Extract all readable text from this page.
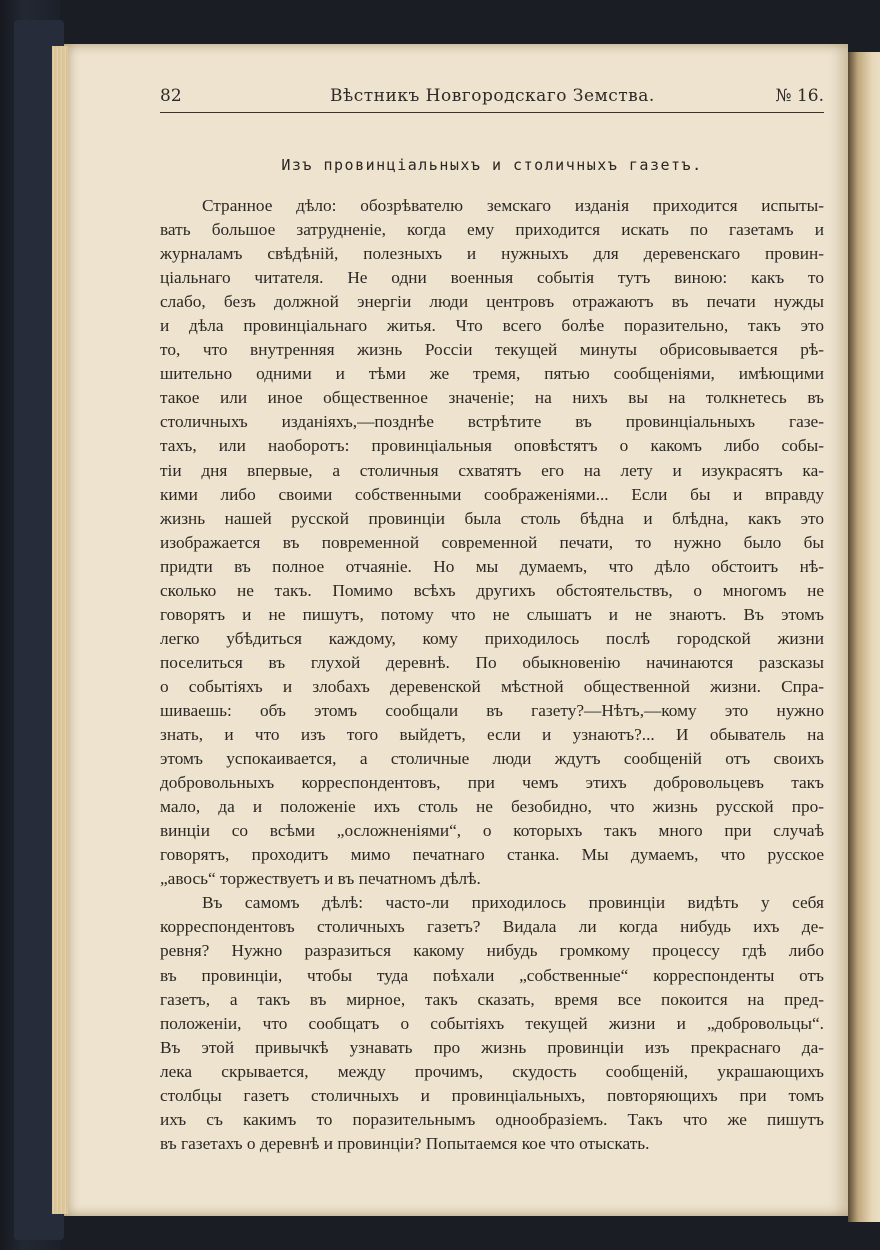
82	Вѣстникъ Новгородскаго Земства.	№ 16.
Изъ провинціальныхъ и столичныхъ газетъ.
Странное дѣло: обозрѣвателю земскаго изданія приходится испыты-
вать большое затрудненіе, когда ему приходится искать по газетамъ и
журналамъ свѣдѣній, полезныхъ и нужныхъ для деревенскаго провин-
ціальнаго читателя. Не одни военныя событія тутъ виною: какъ то
слабо, безъ должной энергіи люди центровъ отражаютъ въ печати нужды
и дѣла провинціальнаго житья. Что всего болѣе поразительно, такъ это
то, что внутренняя жизнь Россіи текущей минуты обрисовывается рѣ-
шительно одними и тѣми же тремя, пятью сообщеніями, имѣющими
такое или иное общественное значеніе; на нихъ вы на толкнетесь въ
столичныхъ изданіяхъ,—позднѣе встрѣтите въ провинціальныхъ газе-
тахъ, или наоборотъ: провинціальныя оповѣстятъ о какомъ либо собы-
тіи дня впервые, а столичныя схватятъ его на лету и изукрасятъ ка-
кими либо своими собственными соображеніями... Если бы и вправду
жизнь нашей русской провинціи была столь бѣдна и блѣдна, какъ это
изображается въ повременной современной печати, то нужно было бы
придти въ полное отчаяніе. Но мы думаемъ, что дѣло обстоитъ нѣ-
сколько не такъ. Помимо всѣхъ другихъ обстоятельствъ, о многомъ не
говорятъ и не пишутъ, потому что не слышатъ и не знаютъ. Въ этомъ
легко убѣдиться каждому, кому приходилось послѣ городской жизни
поселиться въ глухой деревнѣ. По обыкновенію начинаются разсказы
о событіяхъ и злобахъ деревенской мѣстной общественной жизни. Спра-
шиваешь: объ этомъ сообщали въ газету?—Нѣтъ,—кому это нужно
знать, и что изъ того выйдетъ, если и узнаютъ?... И обыватель на
этомъ успокаивается, а столичные люди ждутъ сообщеній отъ своихъ
добровольныхъ корреспондентовъ, при чемъ этихъ добровольцевъ такъ
мало, да и положеніе ихъ столь не безобидно, что жизнь русской про-
винціи со всѣми „осложненіями“, о которыхъ такъ много при случаѣ
говорятъ, проходитъ мимо печатнаго станка. Мы думаемъ, что русское
„авось“ торжествуетъ и въ печатномъ дѣлѣ.
Въ самомъ дѣлѣ: часто-ли приходилось провинціи видѣть у себя
корреспондентовъ столичныхъ газетъ? Видала ли когда нибудь ихъ де-
ревня? Нужно разразиться какому нибудь громкому процессу гдѣ либо
въ провинціи, чтобы туда поѣхали „собственные“ корреспонденты отъ
газетъ, а такъ въ мирное, такъ сказать, время все покоится на пред-
положеніи, что сообщатъ о событіяхъ текущей жизни и „добровольцы“.
Въ этой привычкѣ узнавать про жизнь провинціи изъ прекраснаго да-
лека скрывается, между прочимъ, скудость сообщеній, украшающихъ
столбцы газетъ столичныхъ и провинціальныхъ, повторяющихъ при томъ
ихъ съ какимъ то поразительнымъ однообразіемъ. Такъ что же пишутъ
въ газетахъ о деревнѣ и провинціи? Попытаемся кое что отыскать.
